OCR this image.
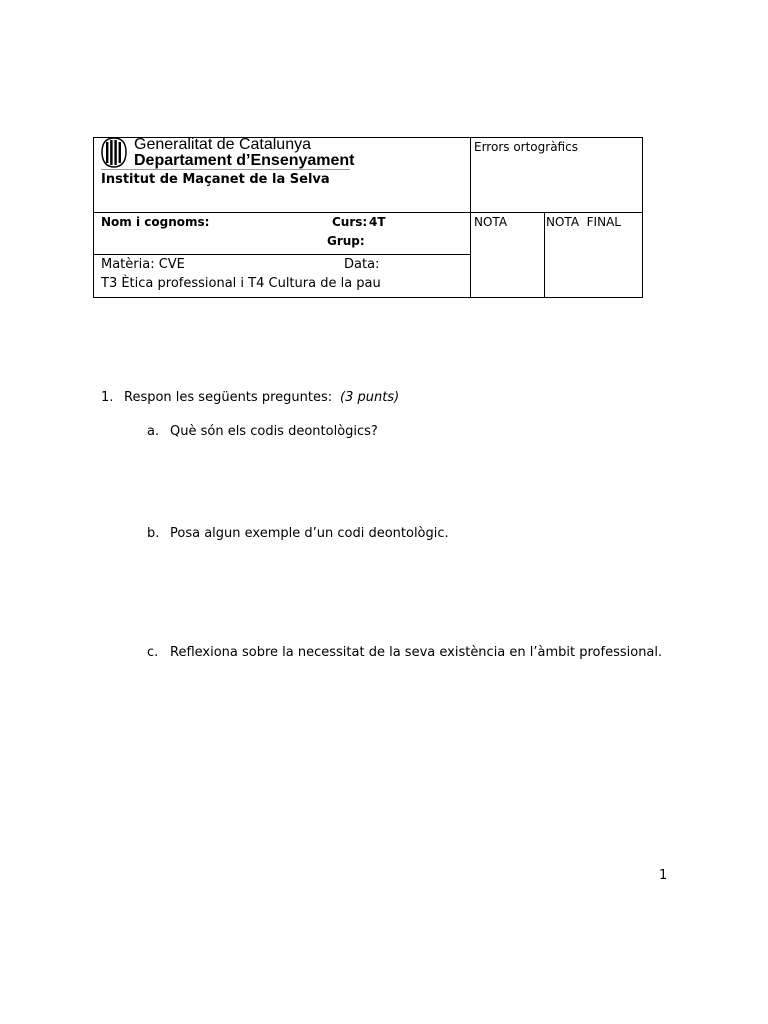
Generalitat de Catalunya
Departament d’Ensenyament
Institut de Maçanet de la Selva
Errors ortogràfics
Nom i cognoms:	Curs: 4T
Grup:
NOTA	NOTA  FINAL
Matèria: CVE	Data:
T3 Ètica professional i T4 Cultura de la pau
1. Respon les següents preguntes: (3 punts)
a. Què són els codis deontològics?
b. Posa algun exemple d’un codi deontològic.
c. Reflexiona sobre la necessitat de la seva existència en l’àmbit professional.
1
